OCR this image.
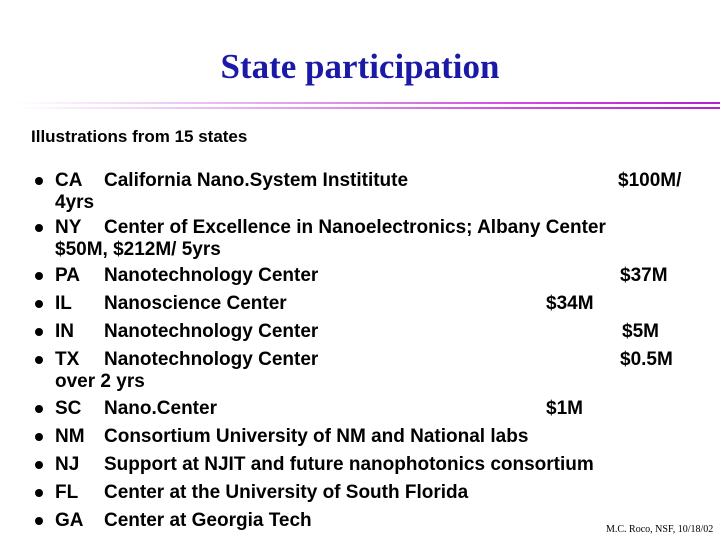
State participation
Illustrations from 15 states
CA California Nano.System Instititute	$100M/
4yrs
NY Center of Excellence in Nanoelectronics; Albany Center
$50M, $212M/ 5yrs
PA Nanotechnology Center	$37M
IL Nanoscience Center	$34M
IN Nanotechnology Center	$5M
TX Nanotechnology Center	$0.5M
over 2 yrs
SC Nano.Center	$1M
NM Consortium University of NM and National labs
NJ Support at NJIT and future nanophotonics consortium
FL Center at the University of South Florida
GA Center at Georgia Tech	M.C. Roco, NSF, 10/18/02
